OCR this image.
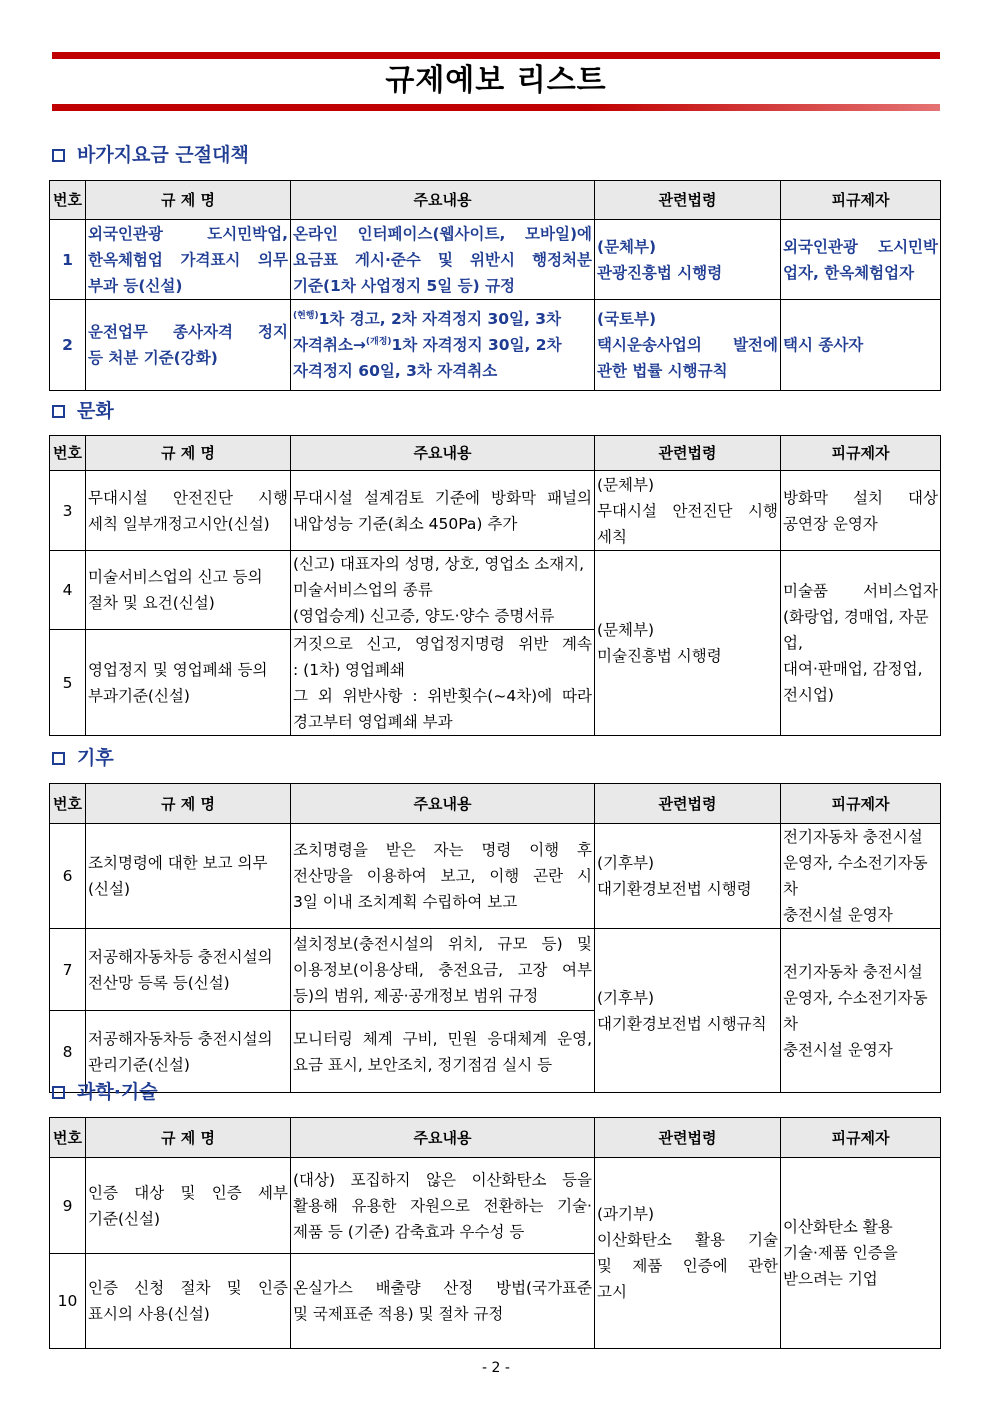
규제예보 리스트
바가지요금 근절대책
번호	규 제 명	주요내용	관련법령	피규제자
1	외국인관광 도시민박업,
한옥체험업 가격표시 의무
부과 등(신설)	온라인 인터페이스(웹사이트, 모바일)에
요금표 게시·준수 및 위반시 행정처분
기준(1차 사업정지 5일 등) 규정	(문체부)
관광진흥법 시행령	외국인관광 도시민박
업자, 한옥체험업자

2	운전업무 종사자격 정지
등 처분 기준(강화)	$^{(현행)}$1차 경고, 2차 자격정지 30일, 3차
자격취소→$^{(개정)}$1차 자격정지 30일, 2차
자격정지 60일, 3차 자격취소	(국토부)
택시운송사업의 발전에
관한 법률 시행규칙	택시 종사자
문화
번호	규 제 명	주요내용	관련법령	피규제자
3	무대시설 안전진단 시행
세칙 일부개정고시안(신설)	무대시설 설계검토 기준에 방화막 패널의
내압성능 기준(최소 450Pa) 추가	(문체부)
무대시설 안전진단 시행
세칙	방화막 설치 대상
공연장 운영자

4	미술서비스업의 신고 등의
절차 및 요건(신설)	(신고) 대표자의 성명, 상호, 영업소 소재지,
미술서비스업의 종류
(영업승계) 신고증, 양도·양수 증명서류	(문체부)
미술진흥법 시행령	미술품 서비스업자
(화랑업, 경매업, 자문업,
대여·판매업, 감정업,
전시업)

5	영업정지 및 영업폐쇄 등의
부과기준(신설)	거짓으로 신고, 영업정지명령 위반 계속
: (1차) 영업폐쇄
그 외 위반사항 : 위반횟수(~4차)에 따라
경고부터 영업폐쇄 부과		
기후
번호	규 제 명	주요내용	관련법령	피규제자
6	조치명령에 대한 보고 의무
(신설)	조치명령을 받은 자는 명령 이행 후
전산망을 이용하여 보고, 이행 곤란 시
3일 이내 조치계획 수립하여 보고	(기후부)
대기환경보전법 시행령	전기자동차 충전시설
운영자, 수소전기자동차
충전시설 운영자

7	저공해자동차등 충전시설의
전산망 등록 등(신설)	설치정보(충전시설의 위치, 규모 등) 및
이용정보(이용상태, 충전요금, 고장 여부
등)의 범위, 제공·공개정보 범위 규정	(기후부)
대기환경보전법 시행규칙	전기자동차 충전시설
운영자, 수소전기자동차
충전시설 운영자

8	저공해자동차등 충전시설의
관리기준(신설)	모니터링 체계 구비, 민원 응대체계 운영,
요금 표시, 보안조치, 정기점검 실시 등		
과학·기술
번호	규 제 명	주요내용	관련법령	피규제자
9	인증 대상 및 인증 세부
기준(신설)	(대상) 포집하지 않은 이산화탄소 등을
활용해 유용한 자원으로 전환하는 기술·
제품 등 (기준) 감축효과 우수성 등	(과기부)
이산화탄소 활용 기술
및 제품 인증에 관한
고시	이산화탄소 활용
기술·제품 인증을
받으려는 기업

10	인증 신청 절차 및 인증
표시의 사용(신설)	온실가스 배출량 산정 방법(국가표준
및 국제표준 적용) 및 절차 규정		
- 2 -
